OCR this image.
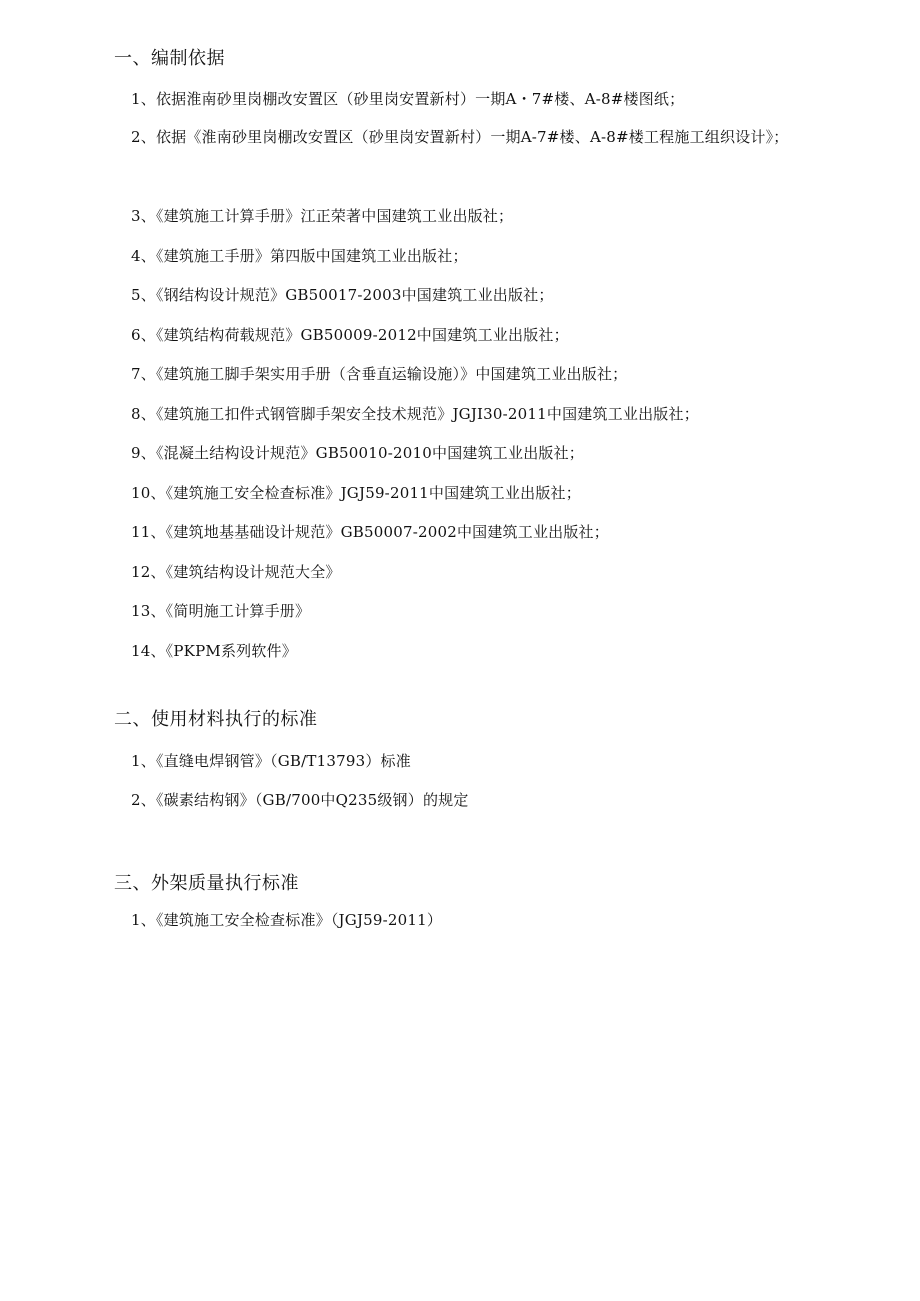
一、编制依据
1、依据淮南砂里岗棚改安置区（砂里岗安置新村）一期A・7#楼、A-8#楼图纸；
2、依据《淮南砂里岗棚改安置区（砂里岗安置新村）一期A-7#楼、A-8#楼工程施工组织设计》；
3、《建筑施工计算手册》江正荣著中国建筑工业出版社；
4、《建筑施工手册》第四版中国建筑工业出版社；
5、《钢结构设计规范》GB50017-2003中国建筑工业出版社；
6、《建筑结构荷载规范》GB50009-2012中国建筑工业出版社；
7、《建筑施工脚手架实用手册（含垂直运输设施）》中国建筑工业出版社；
8、《建筑施工扣件式钢管脚手架安全技术规范》JGJI30-2011中国建筑工业出版社；
9、《混凝土结构设计规范》GB50010-2010中国建筑工业出版社；
10、《建筑施工安全检查标准》JGJ59-2011中国建筑工业出版社；
11、《建筑地基基础设计规范》GB50007-2002中国建筑工业出版社；
12、《建筑结构设计规范大全》
13、《简明施工计算手册》
14、《PKPM系列软件》
二、使用材料执行的标准
1、《直缝电焊钢管》（GB/T13793）标准
2、《碳素结构钢》（GB/700中Q235级钢）的规定
三、外架质量执行标准
1、《建筑施工安全检查标准》（JGJ59-2011）
